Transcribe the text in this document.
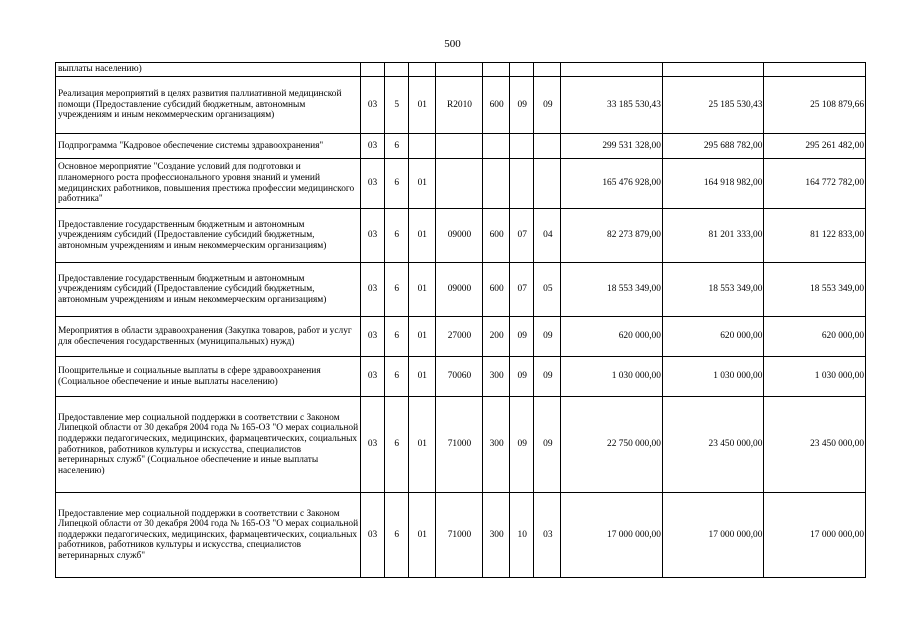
500
выплаты населению)										
Реализация мероприятий в целях развития паллиативной медицинской помощи (Предоставление субсидий бюджетным, автономным учреждениям и иным некоммерческим организациям)	03	5	01	R2010	600	09	09	33 185 530,43	25 185 530,43	25 108 879,66
Подпрограмма "Кадровое обеспечение системы здравоохранения"	03	6						299 531 328,00	295 688 782,00	295 261 482,00
Основное мероприятие "Создание условий для подготовки и планомерного роста профессионального уровня знаний и умений медицинских работников, повышения престижа профессии медицинского работника"	03	6	01					165 476 928,00	164 918 982,00	164 772 782,00
Предоставление государственным бюджетным и автономным учреждениям субсидий (Предоставление субсидий бюджетным, автономным учреждениям и иным некоммерческим организациям)	03	6	01	09000	600	07	04	82 273 879,00	81 201 333,00	81 122 833,00
Предоставление государственным бюджетным и автономным учреждениям субсидий (Предоставление субсидий бюджетным, автономным учреждениям и иным некоммерческим организациям)	03	6	01	09000	600	07	05	18 553 349,00	18 553 349,00	18 553 349,00
Мероприятия в области здравоохранения (Закупка товаров, работ и услуг для обеспечения государственных (муниципальных) нужд)	03	6	01	27000	200	09	09	620 000,00	620 000,00	620 000,00
Поощрительные и социальные выплаты в сфере здравоохранения (Социальное обеспечение и иные выплаты населению)	03	6	01	70060	300	09	09	1 030 000,00	1 030 000,00	1 030 000,00
Предоставление мер социальной поддержки в соответствии с Законом Липецкой области от 30 декабря 2004 года № 165-ОЗ "О мерах социальной поддержки педагогических, медицинских, фармацевтических, социальных работников, работников культуры и искусства, специалистов ветеринарных служб" (Социальное обеспечение и иные выплаты населению)	03	6	01	71000	300	09	09	22 750 000,00	23 450 000,00	23 450 000,00
Предоставление мер социальной поддержки в соответствии с Законом Липецкой области от 30 декабря 2004 года № 165-ОЗ "О мерах социальной поддержки педагогических, медицинских, фармацевтических, социальных работников, работников культуры и искусства, специалистов ветеринарных служб"	03	6	01	71000	300	10	03	17 000 000,00	17 000 000,00	17 000 000,00
